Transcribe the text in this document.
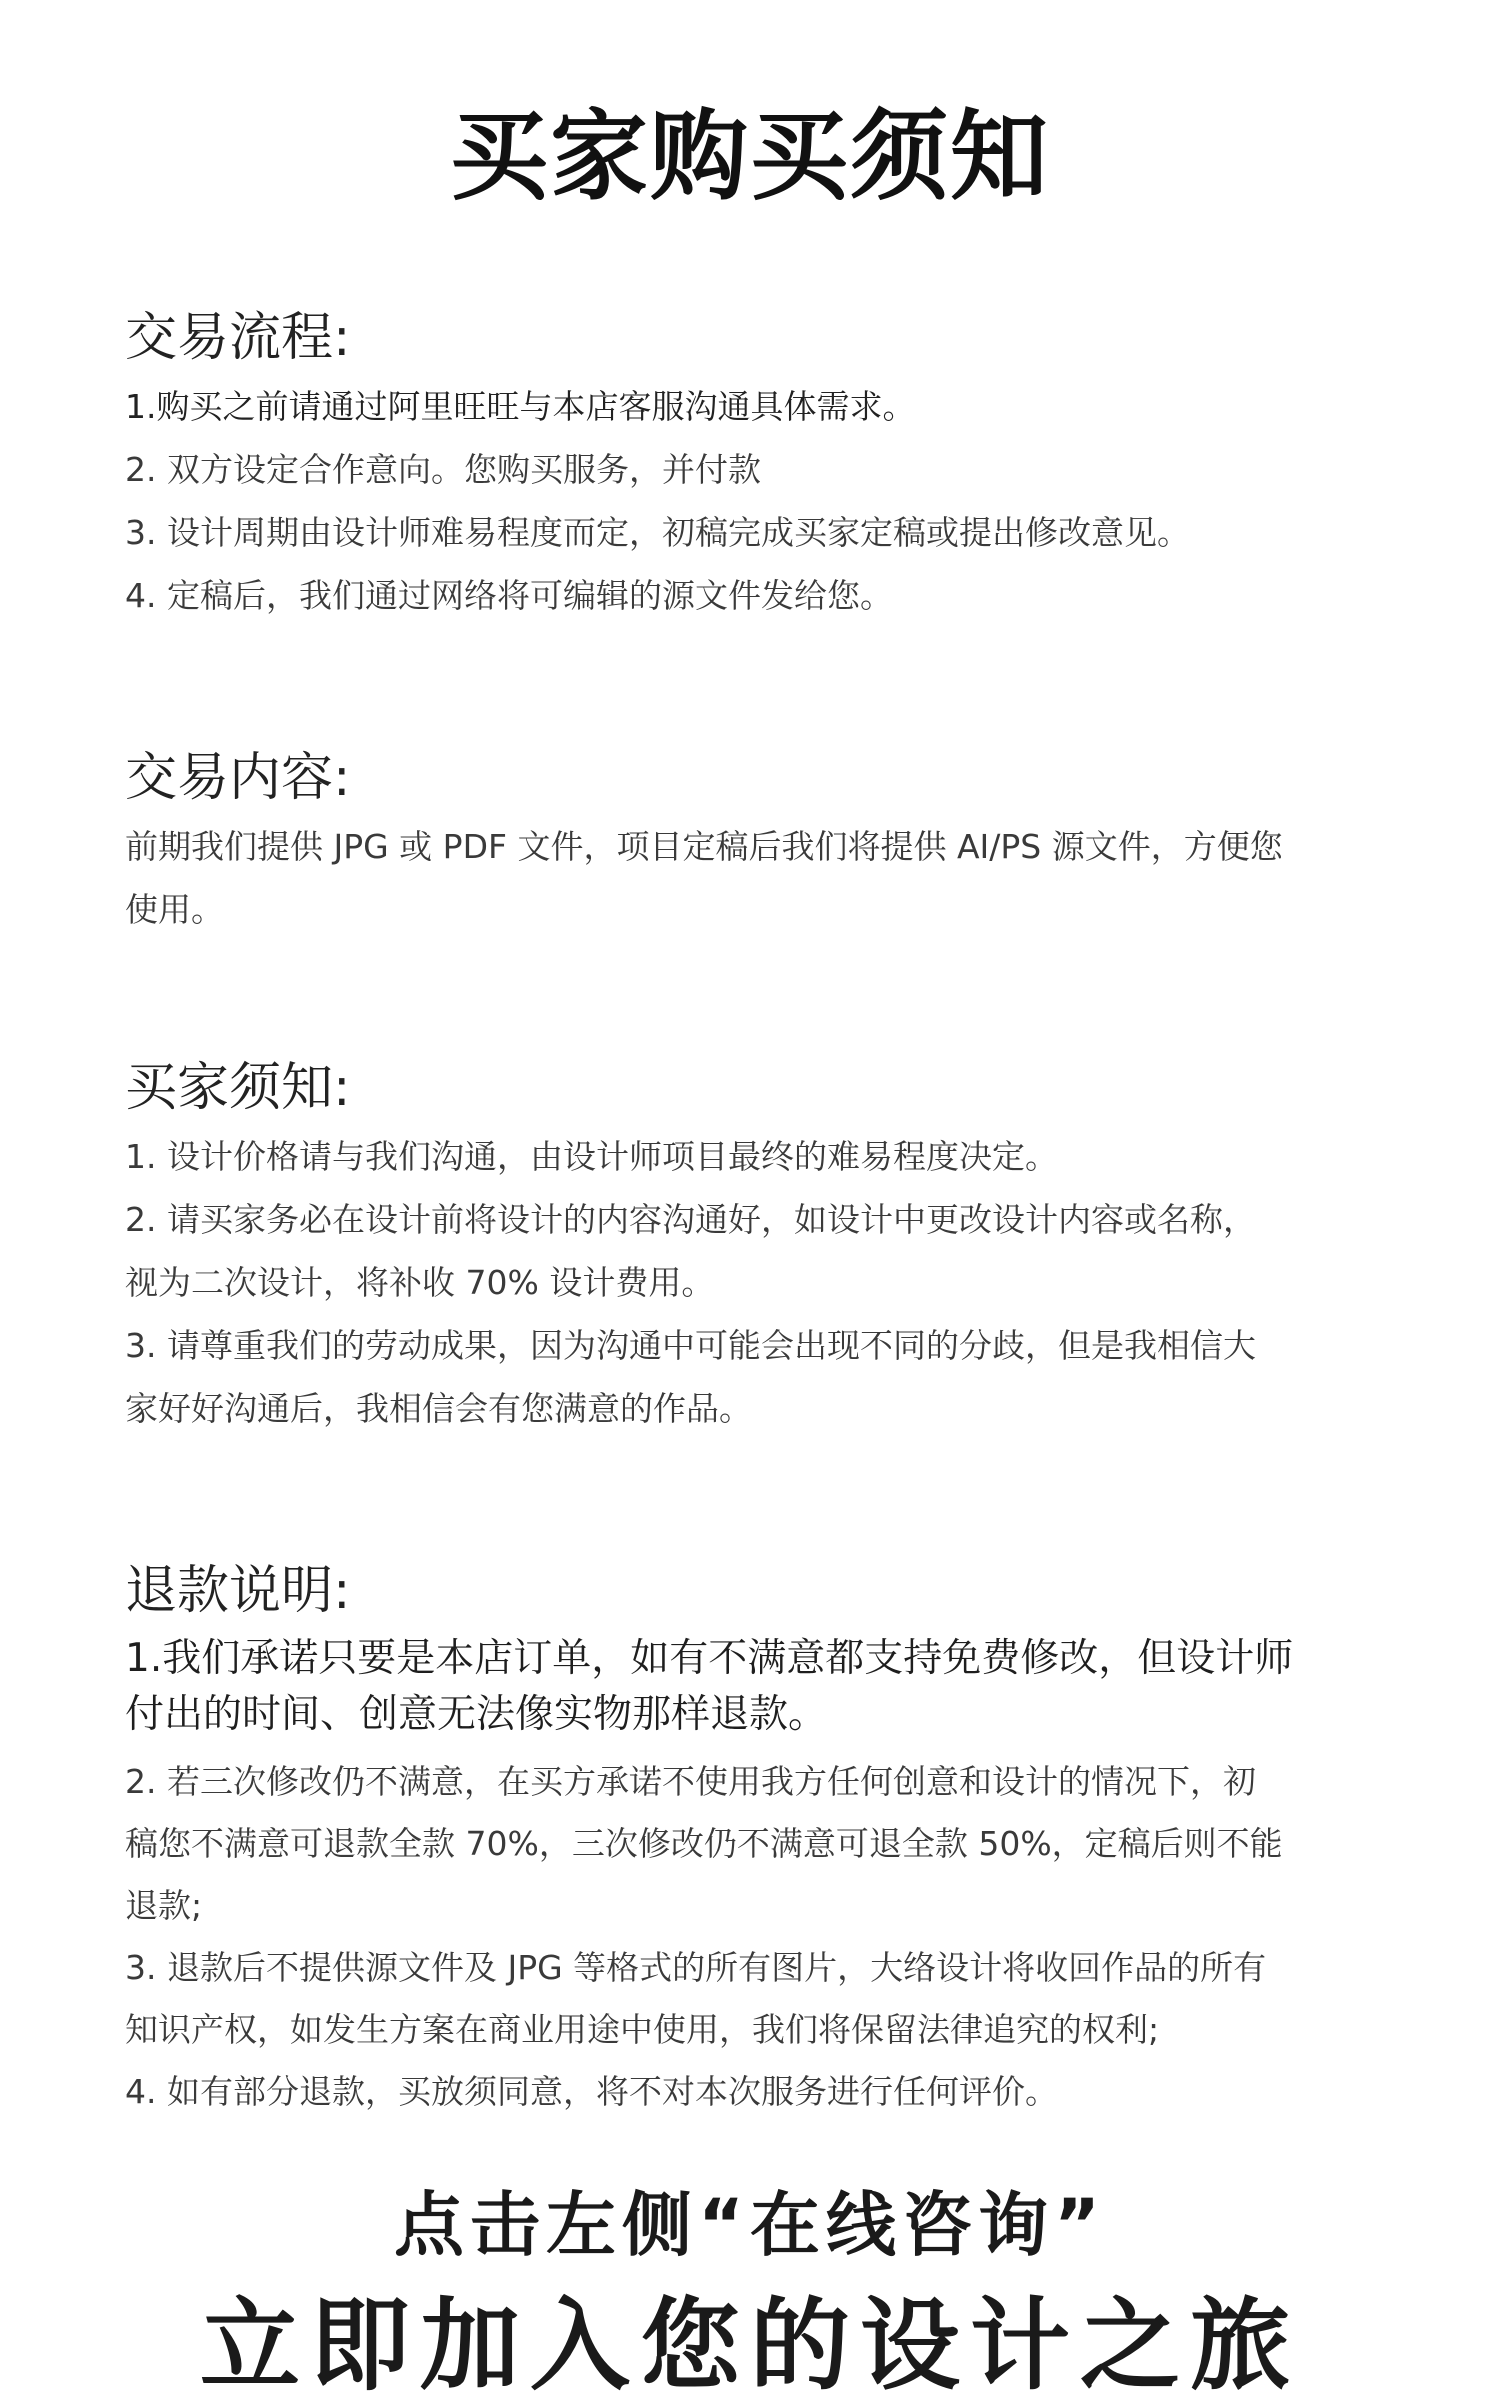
买家购买须知
交易流程:
1.购买之前请通过阿里旺旺与本店客服沟通具体需求。
2. 双方设定合作意向。您购买服务，并付款
3. 设计周期由设计师难易程度而定，初稿完成买家定稿或提出修改意见。
4. 定稿后，我们通过网络将可编辑的源文件发给您。
交易内容:
前期我们提供 JPG 或 PDF 文件，项目定稿后我们将提供 AI/PS 源文件，方便您
使用。
买家须知:
1. 设计价格请与我们沟通，由设计师项目最终的难易程度决定。
2. 请买家务必在设计前将设计的内容沟通好，如设计中更改设计内容或名称，
视为二次设计，将补收 70% 设计费用。
3. 请尊重我们的劳动成果，因为沟通中可能会出现不同的分歧，但是我相信大
家好好沟通后，我相信会有您满意的作品。
退款说明:
1.我们承诺只要是本店订单，如有不满意都支持免费修改，但设计师
付出的时间、创意无法像实物那样退款。
2. 若三次修改仍不满意，在买方承诺不使用我方任何创意和设计的情况下，初
稿您不满意可退款全款 70%，三次修改仍不满意可退全款 50%，定稿后则不能
退款;
3. 退款后不提供源文件及 JPG 等格式的所有图片，大络设计将收回作品的所有
知识产权，如发生方案在商业用途中使用，我们将保留法律追究的权利;
4. 如有部分退款，买放须同意，将不对本次服务进行任何评价。
点击左侧“在线咨询”
立即加入您的设计之旅
